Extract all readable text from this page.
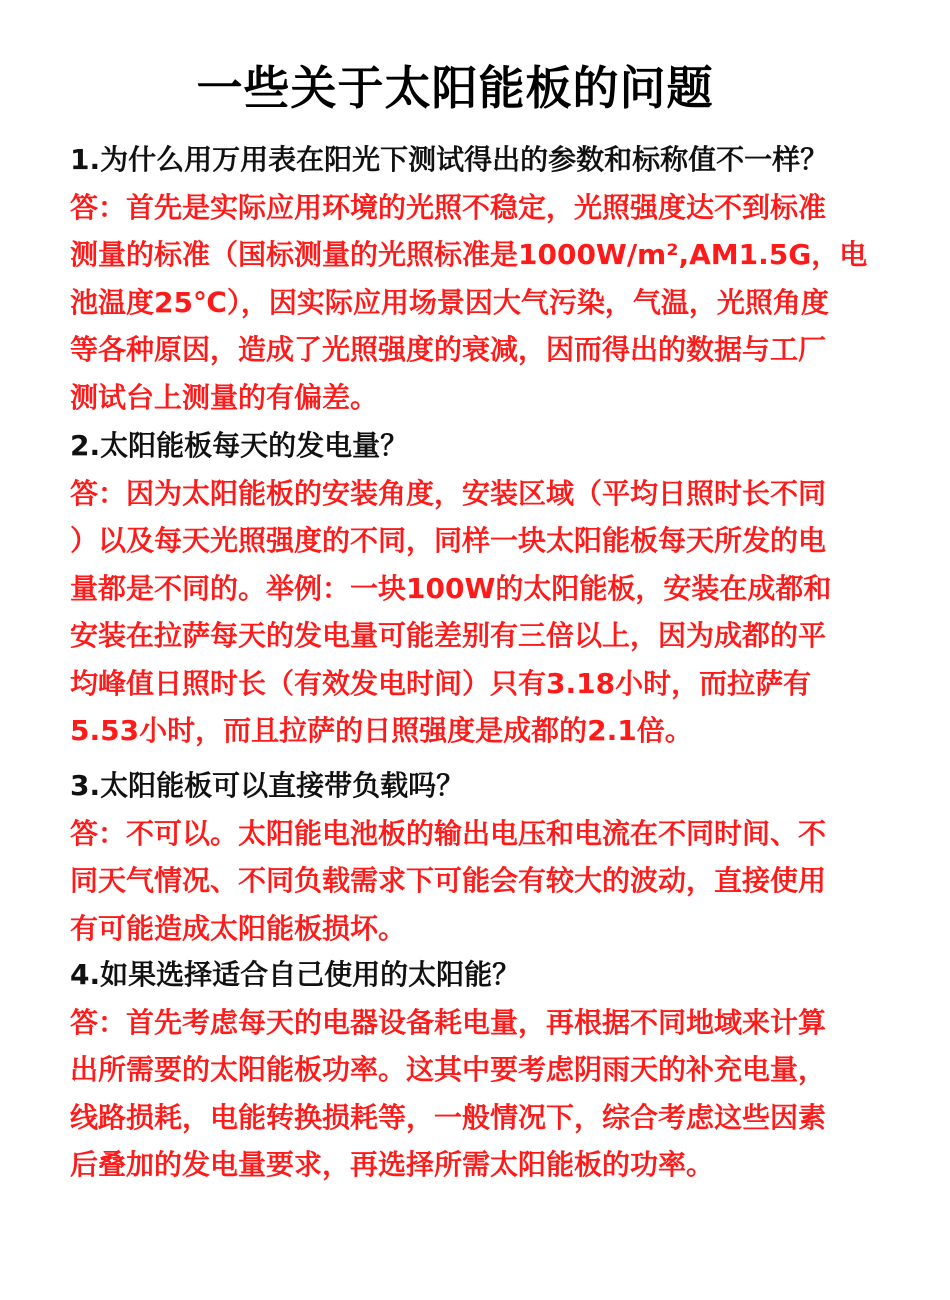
一些关于太阳能板的问题
1.为什么用万用表在阳光下测试得出的参数和标称值不一样？
答：首先是实际应用环境的光照不稳定，光照强度达不到标准
测量的标准（国标测量的光照标准是1000W/m²,AM1.5G，电
池温度25℃），因实际应用场景因大气污染，气温，光照角度
等各种原因，造成了光照强度的衰减，因而得出的数据与工厂
测试台上测量的有偏差。
2.太阳能板每天的发电量？
答：因为太阳能板的安装角度，安装区域（平均日照时长不同
）以及每天光照强度的不同，同样一块太阳能板每天所发的电
量都是不同的。举例：一块100W的太阳能板，安装在成都和
安装在拉萨每天的发电量可能差别有三倍以上，因为成都的平
均峰值日照时长（有效发电时间）只有3.18小时，而拉萨有
5.53小时，而且拉萨的日照强度是成都的2.1倍。
3.太阳能板可以直接带负载吗？
答：不可以。太阳能电池板的输出电压和电流在不同时间、不
同天气情况、不同负载需求下可能会有较大的波动，直接使用
有可能造成太阳能板损坏。
4.如果选择适合自己使用的太阳能？
答：首先考虑每天的电器设备耗电量，再根据不同地域来计算
出所需要的太阳能板功率。这其中要考虑阴雨天的补充电量，
线路损耗，电能转换损耗等，一般情况下，综合考虑这些因素
后叠加的发电量要求，再选择所需太阳能板的功率。
